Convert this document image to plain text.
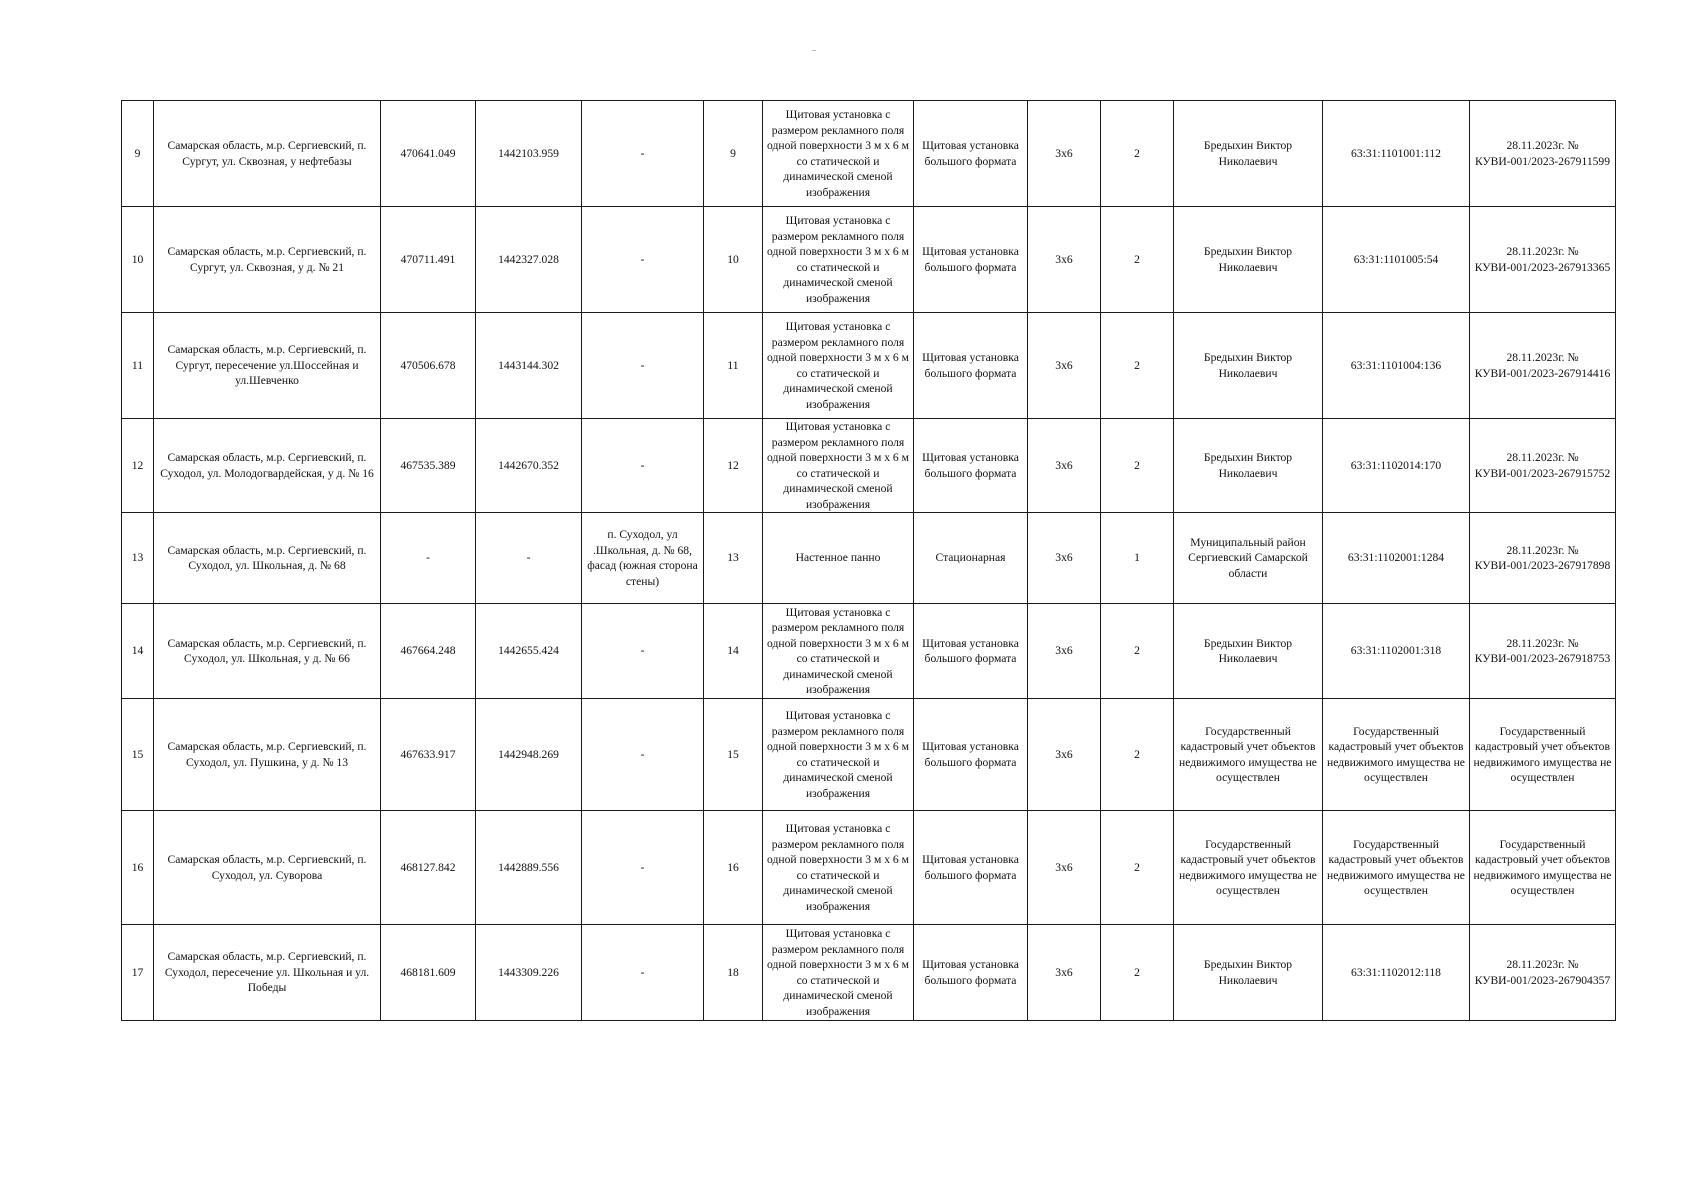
9	Самарская область, м.р. Сергиевский, п. Сургут, ул. Сквозная, у нефтебазы	470641.049	1442103.959	-	9	Щитовая установка с размером рекламного поля одной поверхности 3 м х 6 м со статической и динамической сменой изображения	Щитовая установка большого формата	3х6	2	Бредыхин Виктор Николаевич	63:31:1101001:112	28.11.2023г. № КУВИ-001/2023-267911599
10	Самарская область, м.р. Сергиевский, п. Сургут, ул. Сквозная, у д. № 21	470711.491	1442327.028	-	10	Щитовая установка с размером рекламного поля одной поверхности 3 м х 6 м со статической и динамической сменой изображения	Щитовая установка большого формата	3х6	2	Бредыхин Виктор Николаевич	63:31:1101005:54	28.11.2023г. № КУВИ-001/2023-267913365
11	Самарская область, м.р. Сергиевский, п. Сургут, пересечение ул.Шоссейная и ул.Шевченко	470506.678	1443144.302	-	11	Щитовая установка с размером рекламного поля одной поверхности 3 м х 6 м со статической и динамической сменой изображения	Щитовая установка большого формата	3х6	2	Бредыхин Виктор Николаевич	63:31:1101004:136	28.11.2023г. № КУВИ-001/2023-267914416
12	Самарская область, м.р. Сергиевский, п. Суходол, ул. Молодогвардейская, у д. № 16	467535.389	1442670.352	-	12	Щитовая установка с размером рекламного поля одной поверхности 3 м х 6 м со статической и динамической сменой изображения	Щитовая установка большого формата	3х6	2	Бредыхин Виктор Николаевич	63:31:1102014:170	28.11.2023г. № КУВИ-001/2023-267915752
13	Самарская область, м.р. Сергиевский, п. Суходол, ул. Школьная, д. № 68	-	-	п. Суходол, ул .Школьная, д. № 68, фасад (южная сторона стены)	13	Настенное панно	Стационарная	3х6	1	Муниципальный район Сергиевский Самарской области	63:31:1102001:1284	28.11.2023г. № КУВИ-001/2023-267917898
14	Самарская область, м.р. Сергиевский, п. Суходол, ул. Школьная, у д. № 66	467664.248	1442655.424	-	14	Щитовая установка с размером рекламного поля одной поверхности 3 м х 6 м со статической и динамической сменой изображения	Щитовая установка большого формата	3х6	2	Бредыхин Виктор Николаевич	63:31:1102001:318	28.11.2023г. № КУВИ-001/2023-267918753
15	Самарская область, м.р. Сергиевский, п. Суходол, ул. Пушкина, у д. № 13	467633.917	1442948.269	-	15	Щитовая установка с размером рекламного поля одной поверхности 3 м х 6 м со статической и динамической сменой изображения	Щитовая установка большого формата	3х6	2	Государственный кадастровый учет объектов недвижимого имущества не осуществлен	Государственный кадастровый учет объектов недвижимого имущества не осуществлен	Государственный кадастровый учет объектов недвижимого имущества не осуществлен
16	Самарская область, м.р. Сергиевский, п. Суходол, ул. Суворова	468127.842	1442889.556	-	16	Щитовая установка с размером рекламного поля одной поверхности 3 м х 6 м со статической и динамической сменой изображения	Щитовая установка большого формата	3х6	2	Государственный кадастровый учет объектов недвижимого имущества не осуществлен	Государственный кадастровый учет объектов недвижимого имущества не осуществлен	Государственный кадастровый учет объектов недвижимого имущества не осуществлен
17	Самарская область, м.р. Сергиевский, п. Суходол, пересечение ул. Школьная и ул. Победы	468181.609	1443309.226	-	18	Щитовая установка с размером рекламного поля одной поверхности 3 м х 6 м со статической и динамической сменой изображения	Щитовая установка большого формата	3х6	2	Бредыхин Виктор Николаевич	63:31:1102012:118	28.11.2023г. № КУВИ-001/2023-267904357
